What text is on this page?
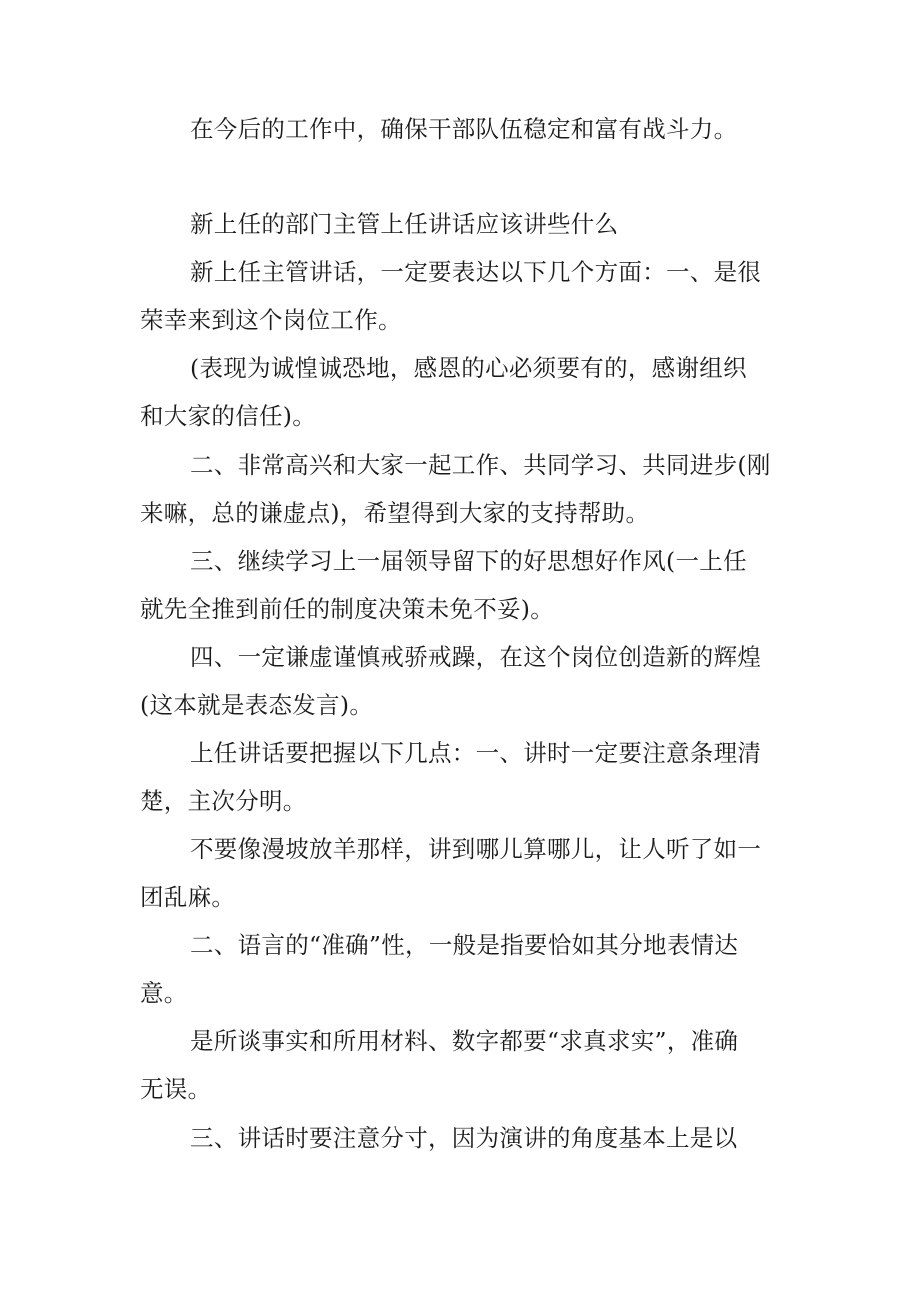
在今后的工作中，确保干部队伍稳定和富有战斗力。
新上任的部门主管上任讲话应该讲些什么
新上任主管讲话，一定要表达以下几个方面：一、是很
荣幸来到这个岗位工作。
(表现为诚惶诚恐地，感恩的心必须要有的，感谢组织
和大家的信任)。
二、非常高兴和大家一起工作、共同学习、共同进步(刚
来嘛，总的谦虚点)，希望得到大家的支持帮助。
三、继续学习上一届领导留下的好思想好作风(一上任
就先全推到前任的制度决策未免不妥)。
四、一定谦虚谨慎戒骄戒躁，在这个岗位创造新的辉煌
(这本就是表态发言)。
上任讲话要把握以下几点：一、讲时一定要注意条理清
楚，主次分明。
不要像漫坡放羊那样，讲到哪儿算哪儿，让人听了如一
团乱麻。
二、语言的“准确”性，一般是指要恰如其分地表情达
意。
是所谈事实和所用材料、数字都要“求真求实”，准确
无误。
三、讲话时要注意分寸，因为演讲的角度基本上是以
